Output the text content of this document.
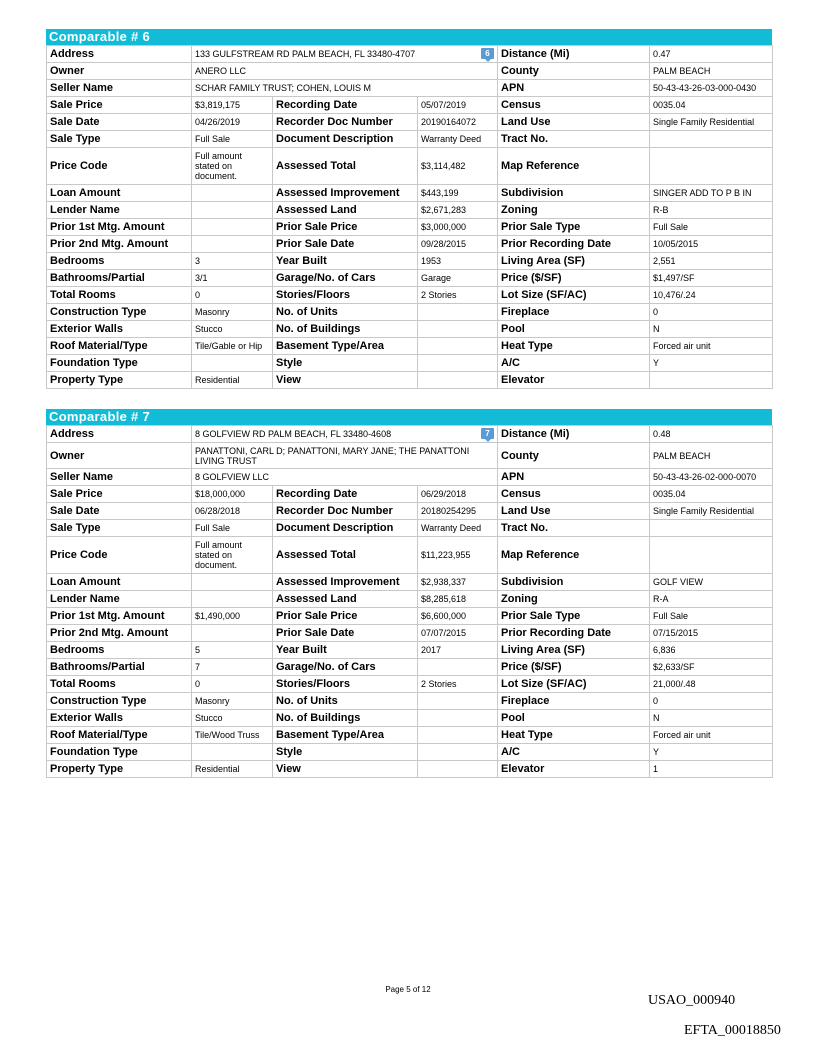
Comparable # 6
Address	133 GULFSTREAM RD PALM BEACH, FL 33480-4707 6			Distance (Mi)	0.47
Owner	ANERO LLC			County	PALM BEACH
Seller Name	SCHAR FAMILY TRUST; COHEN, LOUIS M			APN	50-43-43-26-03-000-0430
Sale Price	$3,819,175	Recording Date	05/07/2019	Census	0035.04
Sale Date	04/26/2019	Recorder Doc Number	20190164072	Land Use	Single Family Residential
Sale Type	Full Sale	Document Description	Warranty Deed	Tract No.	
Price Code	Full amount stated on document.	Assessed Total	$3,114,482	Map Reference	
Loan Amount		Assessed Improvement	$443,199	Subdivision	SINGER ADD TO P B IN
Lender Name		Assessed Land	$2,671,283	Zoning	R-B
Prior 1st Mtg. Amount		Prior Sale Price	$3,000,000	Prior Sale Type	Full Sale
Prior 2nd Mtg. Amount		Prior Sale Date	09/28/2015	Prior Recording Date	10/05/2015
Bedrooms	3	Year Built	1953	Living Area (SF)	2,551
Bathrooms/Partial	3/1	Garage/No. of Cars	Garage	Price ($/SF)	$1,497/SF
Total Rooms	0	Stories/Floors	2 Stories	Lot Size (SF/AC)	10,476/.24
Construction Type	Masonry	No. of Units		Fireplace	0
Exterior Walls	Stucco	No. of Buildings		Pool	N
Roof Material/Type	Tile/Gable or Hip	Basement Type/Area		Heat Type	Forced air unit
Foundation Type		Style		A/C	Y
Property Type	Residential	View		Elevator	
Comparable # 7
Address	8 GOLFVIEW RD PALM BEACH, FL 33480-4608 7			Distance (Mi)	0.48
Owner	PANATTONI, CARL D; PANATTONI, MARY JANE; THE PANATTONI LIVING TRUST			County	PALM BEACH
Seller Name	8 GOLFVIEW LLC			APN	50-43-43-26-02-000-0070
Sale Price	$18,000,000	Recording Date	06/29/2018	Census	0035.04
Sale Date	06/28/2018	Recorder Doc Number	20180254295	Land Use	Single Family Residential
Sale Type	Full Sale	Document Description	Warranty Deed	Tract No.	
Price Code	Full amount stated on document.	Assessed Total	$11,223,955	Map Reference	
Loan Amount		Assessed Improvement	$2,938,337	Subdivision	GOLF VIEW
Lender Name		Assessed Land	$8,285,618	Zoning	R-A
Prior 1st Mtg. Amount	$1,490,000	Prior Sale Price	$6,600,000	Prior Sale Type	Full Sale
Prior 2nd Mtg. Amount		Prior Sale Date	07/07/2015	Prior Recording Date	07/15/2015
Bedrooms	5	Year Built	2017	Living Area (SF)	6,836
Bathrooms/Partial	7	Garage/No. of Cars		Price ($/SF)	$2,633/SF
Total Rooms	0	Stories/Floors	2 Stories	Lot Size (SF/AC)	21,000/.48
Construction Type	Masonry	No. of Units		Fireplace	0
Exterior Walls	Stucco	No. of Buildings		Pool	N
Roof Material/Type	Tile/Wood Truss	Basement Type/Area		Heat Type	Forced air unit
Foundation Type		Style		A/C	Y
Property Type	Residential	View		Elevator	1
Page 5 of 12
USAO_000940
EFTA_00018850
